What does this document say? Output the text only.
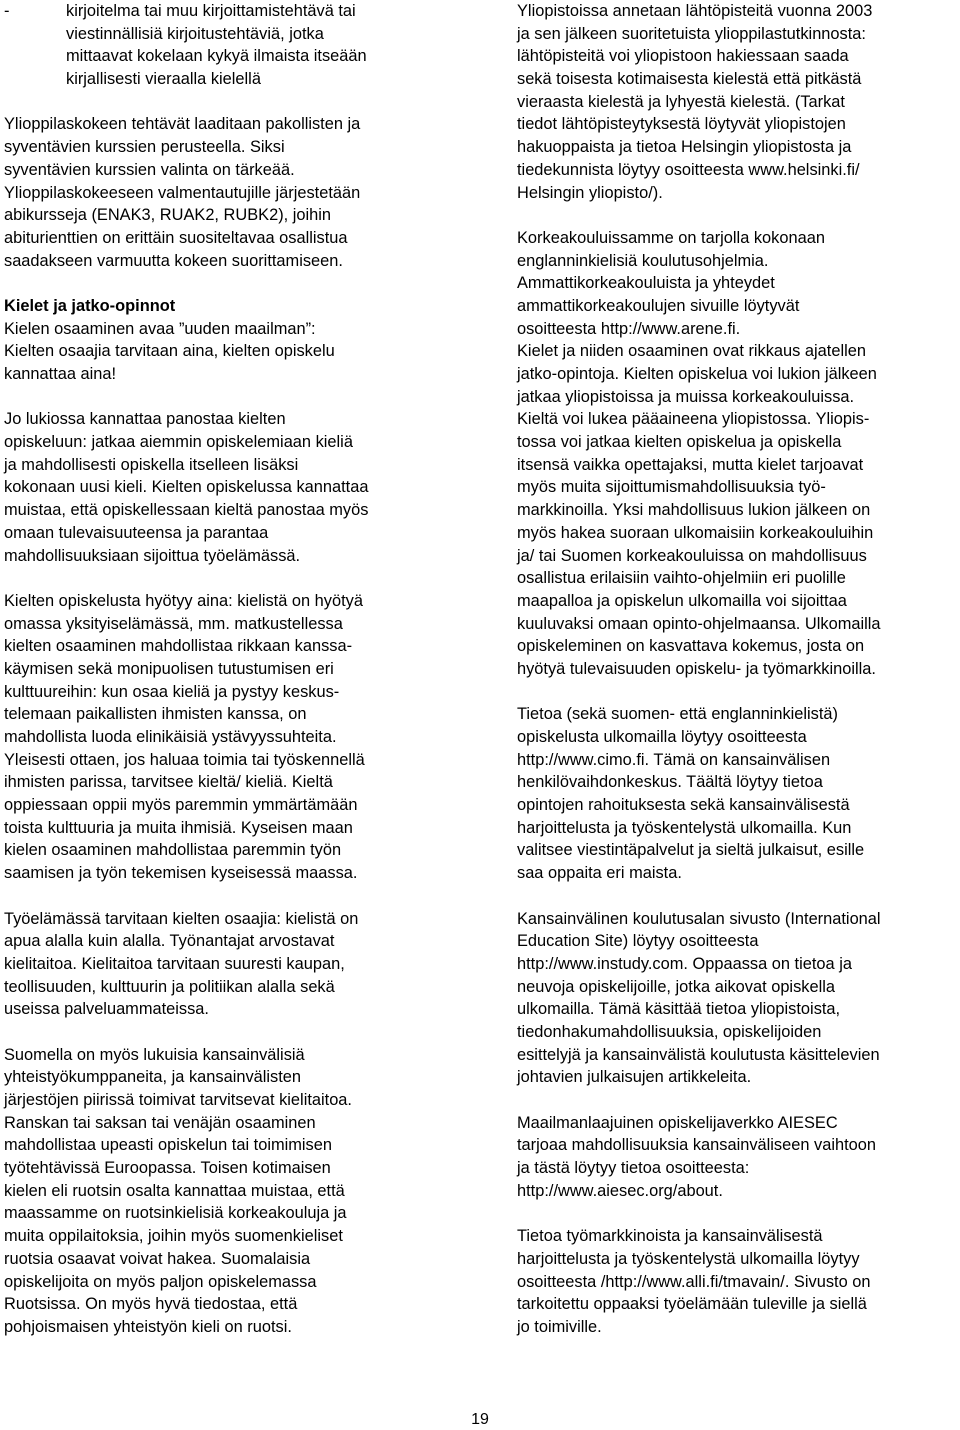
-	kirjoitelma tai muu kirjoittamistehtävä tai
viestinnällisiä kirjoitustehtäviä, jotka
mittaavat kokelaan kykyä ilmaista itseään
kirjallisesti vieraalla kielellä
Ylioppilaskokeen tehtävät laaditaan pakollisten ja
syventävien kurssien perusteella. Siksi
syventävien kurssien valinta on tärkeää.
Ylioppilaskokeeseen valmentautujille järjestetään
abikursseja (ENAK3, RUAK2, RUBK2), joihin
abiturienttien on erittäin suositeltavaa osallistua
saadakseen varmuutta kokeen suorittamiseen.
Kielet ja jatko-opinnot
Kielen osaaminen avaa ”uuden maailman”:
Kielten osaajia tarvitaan aina, kielten opiskelu
kannattaa aina!
Jo lukiossa kannattaa panostaa kielten
opiskeluun: jatkaa aiemmin opiskelemiaan kieliä
ja mahdollisesti opiskella itselleen lisäksi
kokonaan uusi kieli. Kielten opiskelussa kannattaa
muistaa, että opiskellessaan kieltä panostaa myös
omaan tulevaisuuteensa ja parantaa
mahdollisuuksiaan sijoittua työelämässä.
Kielten opiskelusta hyötyy aina: kielistä on hyötyä
omassa yksityiselämässä, mm. matkustellessa
kielten osaaminen mahdollistaa rikkaan kanssa-
käymisen sekä monipuolisen tutustumisen eri
kulttuureihin: kun osaa kieliä ja pystyy keskus-
telemaan paikallisten ihmisten kanssa, on
mahdollista luoda elinikäisiä ystävyyssuhteita.
Yleisesti ottaen, jos haluaa toimia tai työskennellä
ihmisten parissa, tarvitsee kieltä/ kieliä. Kieltä
oppiessaan oppii myös paremmin ymmärtämään
toista kulttuuria ja muita ihmisiä. Kyseisen maan
kielen osaaminen mahdollistaa paremmin työn
saamisen ja työn tekemisen kyseisessä maassa.
Työelämässä tarvitaan kielten osaajia: kielistä on
apua alalla kuin alalla. Työnantajat arvostavat
kielitaitoa. Kielitaitoa tarvitaan suuresti kaupan,
teollisuuden, kulttuurin ja politiikan alalla sekä
useissa palveluammateissa.
Suomella on myös lukuisia kansainvälisiä
yhteistyökumppaneita, ja kansainvälisten
järjestöjen piirissä toimivat tarvitsevat kielitaitoa.
Ranskan tai saksan tai venäjän osaaminen
mahdollistaa upeasti opiskelun tai toimimisen
työtehtävissä Euroopassa. Toisen kotimaisen
kielen eli ruotsin osalta kannattaa muistaa, että
maassamme on ruotsinkielisiä korkeakouluja ja
muita oppilaitoksia, joihin myös suomenkieliset
ruotsia osaavat voivat hakea. Suomalaisia
opiskelijoita on myös paljon opiskelemassa
Ruotsissa. On myös hyvä tiedostaa, että
pohjoismaisen yhteistyön kieli on ruotsi.
Yliopistoissa annetaan lähtöpisteitä vuonna 2003
ja sen jälkeen suoritetuista ylioppilastutkinnosta:
lähtöpisteitä voi yliopistoon hakiessaan saada
sekä toisesta kotimaisesta kielestä että pitkästä
vieraasta kielestä ja lyhyestä kielestä. (Tarkat
tiedot lähtöpisteytyksestä löytyvät yliopistojen
hakuoppaista ja tietoa Helsingin yliopistosta ja
tiedekunnista löytyy osoitteesta www.helsinki.fi/
Helsingin yliopisto/).
Korkeakouluissamme on tarjolla kokonaan
englanninkielisiä koulutusohjelmia.
Ammattikorkeakouluista ja yhteydet
ammattikorkeakoulujen sivuille löytyvät
osoitteesta http://www.arene.fi.
Kielet ja niiden osaaminen ovat rikkaus ajatellen
jatko-opintoja. Kielten opiskelua voi lukion jälkeen
jatkaa yliopistoissa ja muissa korkeakouluissa.
Kieltä voi lukea pääaineena yliopistossa. Yliopis-
tossa voi jatkaa kielten opiskelua ja opiskella
itsensä vaikka opettajaksi, mutta kielet tarjoavat
myös muita sijoittumismahdollisuuksia työ-
markkinoilla. Yksi mahdollisuus lukion jälkeen on
myös hakea suoraan ulkomaisiin korkeakouluihin
ja/ tai Suomen korkeakouluissa on mahdollisuus
osallistua erilaisiin vaihto-ohjelmiin eri puolille
maapalloa ja opiskelun ulkomailla voi sijoittaa
kuuluvaksi omaan opinto-ohjelmaansa. Ulkomailla
opiskeleminen on kasvattava kokemus, josta on
hyötyä tulevaisuuden opiskelu- ja työmarkkinoilla.
Tietoa (sekä suomen- että englanninkielistä)
opiskelusta ulkomailla löytyy osoitteesta
http://www.cimo.fi. Tämä on kansainvälisen
henkilövaihdonkeskus. Täältä löytyy tietoa
opintojen rahoituksesta sekä kansainvälisestä
harjoittelusta ja työskentelystä ulkomailla. Kun
valitsee viestintäpalvelut ja sieltä julkaisut, esille
saa oppaita eri maista.
Kansainvälinen koulutusalan sivusto (International
Education Site) löytyy osoitteesta
http://www.instudy.com. Oppaassa on tietoa ja
neuvoja opiskelijoille, jotka aikovat opiskella
ulkomailla. Tämä käsittää tietoa yliopistoista,
tiedonhakumahdollisuuksia, opiskelijoiden
esittelyjä ja kansainvälistä koulutusta käsittelevien
johtavien julkaisujen artikkeleita.
Maailmanlaajuinen opiskelijaverkko AIESEC
tarjoaa mahdollisuuksia kansainväliseen vaihtoon
ja tästä löytyy tietoa osoitteesta:
http://www.aiesec.org/about.
Tietoa työmarkkinoista ja kansainvälisestä
harjoittelusta ja työskentelystä ulkomailla löytyy
osoitteesta /http://www.alli.fi/tmavain/. Sivusto on
tarkoitettu oppaaksi työelämään tuleville ja siellä
jo toimiville.
19
